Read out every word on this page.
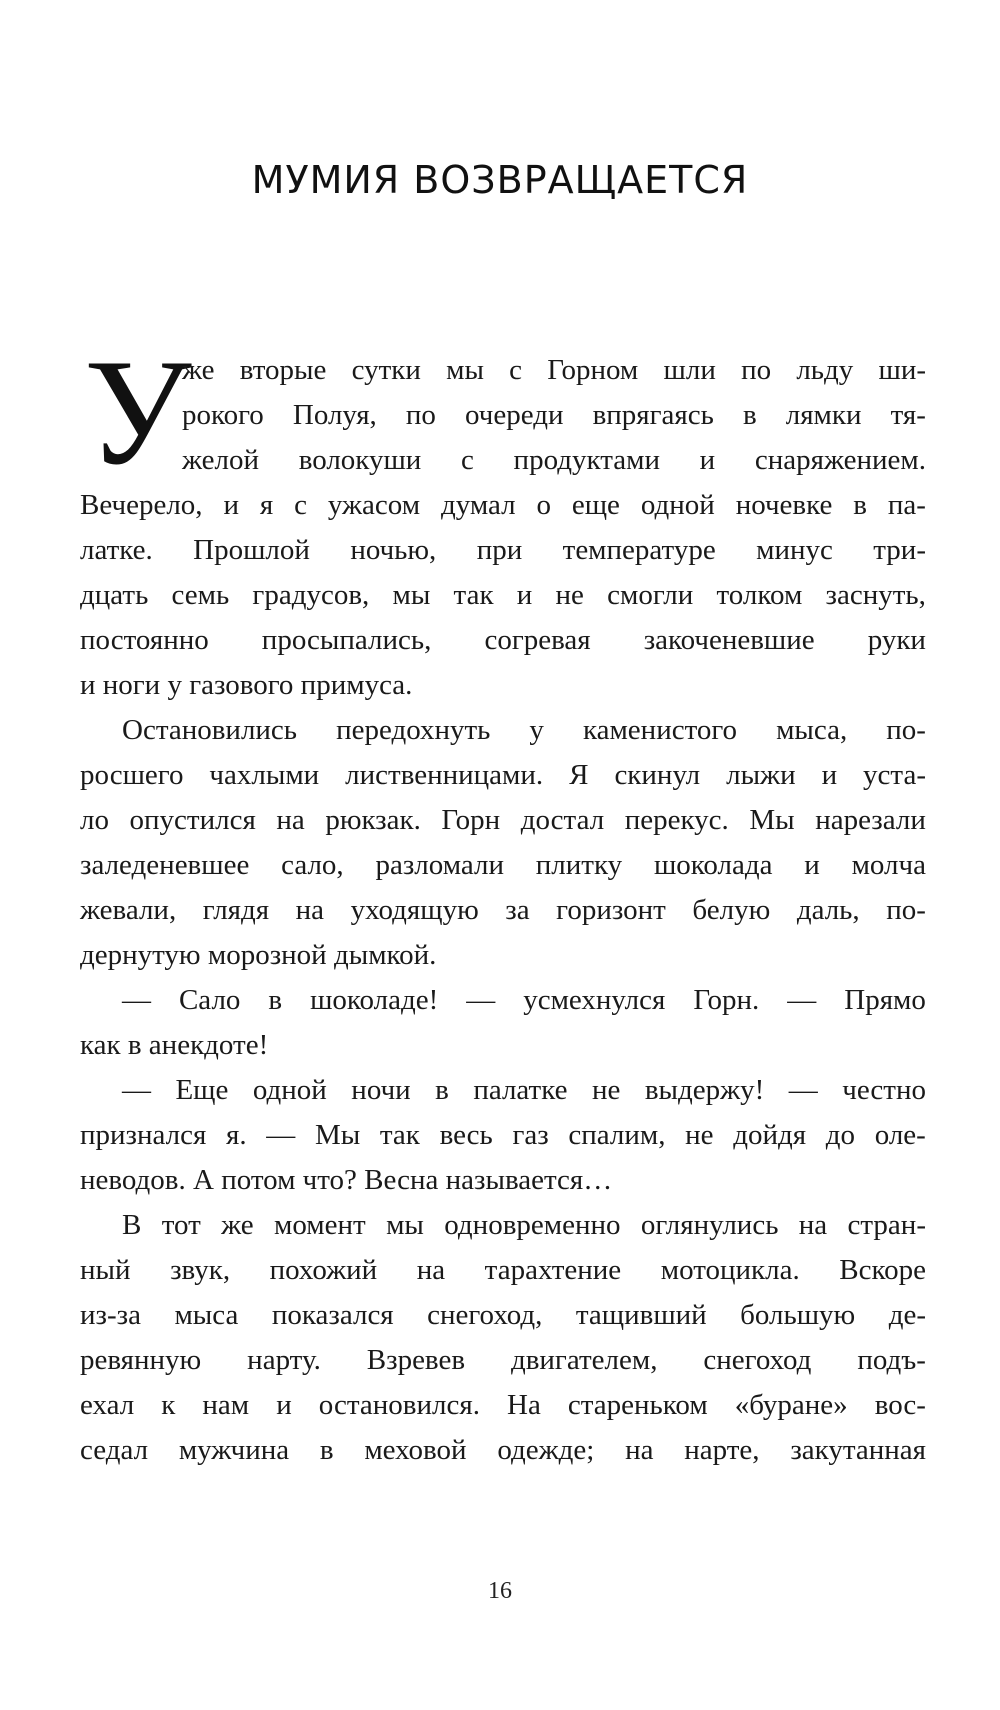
МУМИЯ ВОЗВРАЩАЕТСЯ
У
же вторые сутки мы с Горном шли по льду ши-
рокого Полуя, по очереди впрягаясь в лямки тя-
желой волокуши с продуктами и снаряжением.
Вечерело, и я с ужасом думал о еще одной ночевке в па-
латке. Прошлой ночью, при температуре минус три-
дцать семь градусов, мы так и не смогли толком заснуть,
постоянно просыпались, согревая закоченевшие руки
и ноги у газового примуса.
Остановились передохнуть у каменистого мыса, по-
росшего чахлыми лиственницами. Я скинул лыжи и уста-
ло опустился на рюкзак. Горн достал перекус. Мы нарезали
заледеневшее сало, разломали плитку шоколада и молча
жевали, глядя на уходящую за горизонт белую даль, по-
дернутую морозной дымкой.
— Сало в шоколаде! — усмехнулся Горн. — Прямо
как в анекдоте!
— Еще одной ночи в палатке не выдержу! — честно
признался я. — Мы так весь газ спалим, не дойдя до оле-
неводов. А потом что? Весна называется…
В тот же момент мы одновременно оглянулись на стран-
ный звук, похожий на тарахтение мотоцикла. Вскоре
из-за мыса показался снегоход, тащивший большую де-
ревянную нарту. Взревев двигателем, снегоход подъ-
ехал к нам и остановился. На стареньком «буране» вос-
седал мужчина в меховой одежде; на нарте, закутанная
16
